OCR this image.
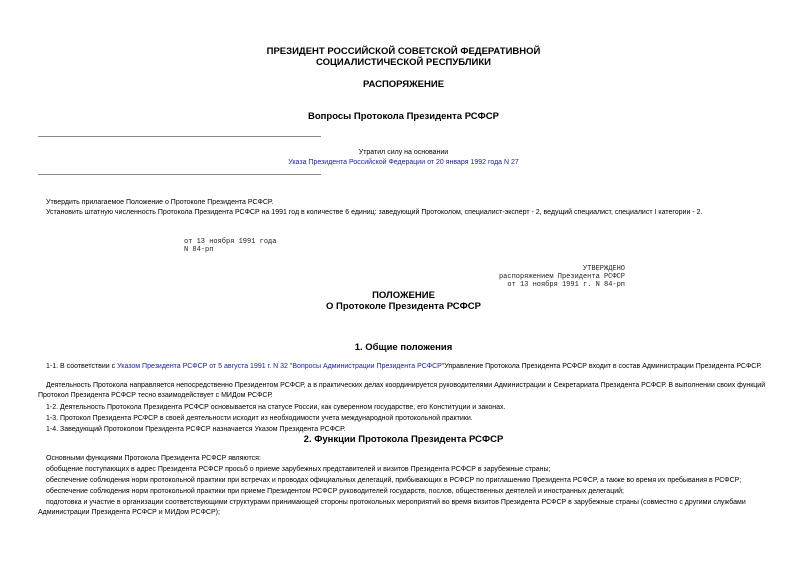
ПРЕЗИДЕНТ РОССИЙСКОЙ СОВЕТСКОЙ ФЕДЕРАТИВНОЙ
СОЦИАЛИСТИЧЕСКОЙ РЕСПУБЛИКИ
РАСПОРЯЖЕНИЕ
Вопросы Протокола Президента РСФСР
Утратил силу на основании
Указа Президента Российской Федерации от 20 января 1992 года N 27
Утвердить прилагаемое Положение о Протоколе Президента РСФСР.
Установить штатную численность Протокола Президента РСФСР на 1991 год в количестве 6 единиц: заведующий Протоколом, специалист-эксперт - 2, ведущий специалист, специалист I категории - 2.
от 13 ноября 1991 года
N 84-рп
УТВЕРЖДЕНО
распоряжением Президента РСФСР
от 13 ноября 1991 г. N 84-рп
ПОЛОЖЕНИЕ
О Протоколе Президента РСФСР
1. Общие положения
1-1. В соответствии с Указом Президента РСФСР от 5 августа 1991 г. N 32 "Вопросы Администрации Президента РСФСР"Управление Протокола Президента РСФСР входит в состав Администрации Президента РСФСР.
Деятельность Протокола направляется непосредственно Президентом РСФСР, а в практических делах координируется руководителями Администрации и Секретариата Президента РСФСР. В выполнении своих функций Протокол Президента РСФСР тесно взаимодействует с МИДом РСФСР.
1-2. Деятельность Протокола Президента РСФСР основывается на статусе России, как суверенном государстве, его Конституции и законах.
1-3. Протокол Президента РСФСР в своей деятельности исходит из необходимости учета международной протокольной практики.
1-4. Заведующий Протоколом Президента РСФСР назначается Указом Президента РСФСР.
2. Функции Протокола Президента РСФСР
Основными функциями Протокола Президента РСФСР являются:
обобщение поступающих в адрес Президента РСФСР просьб о приеме зарубежных представителей и визитов Президента РСФСР в зарубежные страны;
обеспечение соблюдения норм протокольной практики при встречах и проводах официальных делегаций, прибывающих в РСФСР по приглашению Президента РСФСР, а также во время их пребывания в РСФСР;
обеспечение соблюдения норм протокольной практики при приеме Президентом РСФСР руководителей государств, послов, общественных деятелей и иностранных делегаций;
подготовка и участие в организации соответствующими структурами принимающей стороны протокольных мероприятий во время визитов Президента РСФСР в зарубежные страны (совместно с другими службами Администрации Президента РСФСР и МИДом РСФСР);
